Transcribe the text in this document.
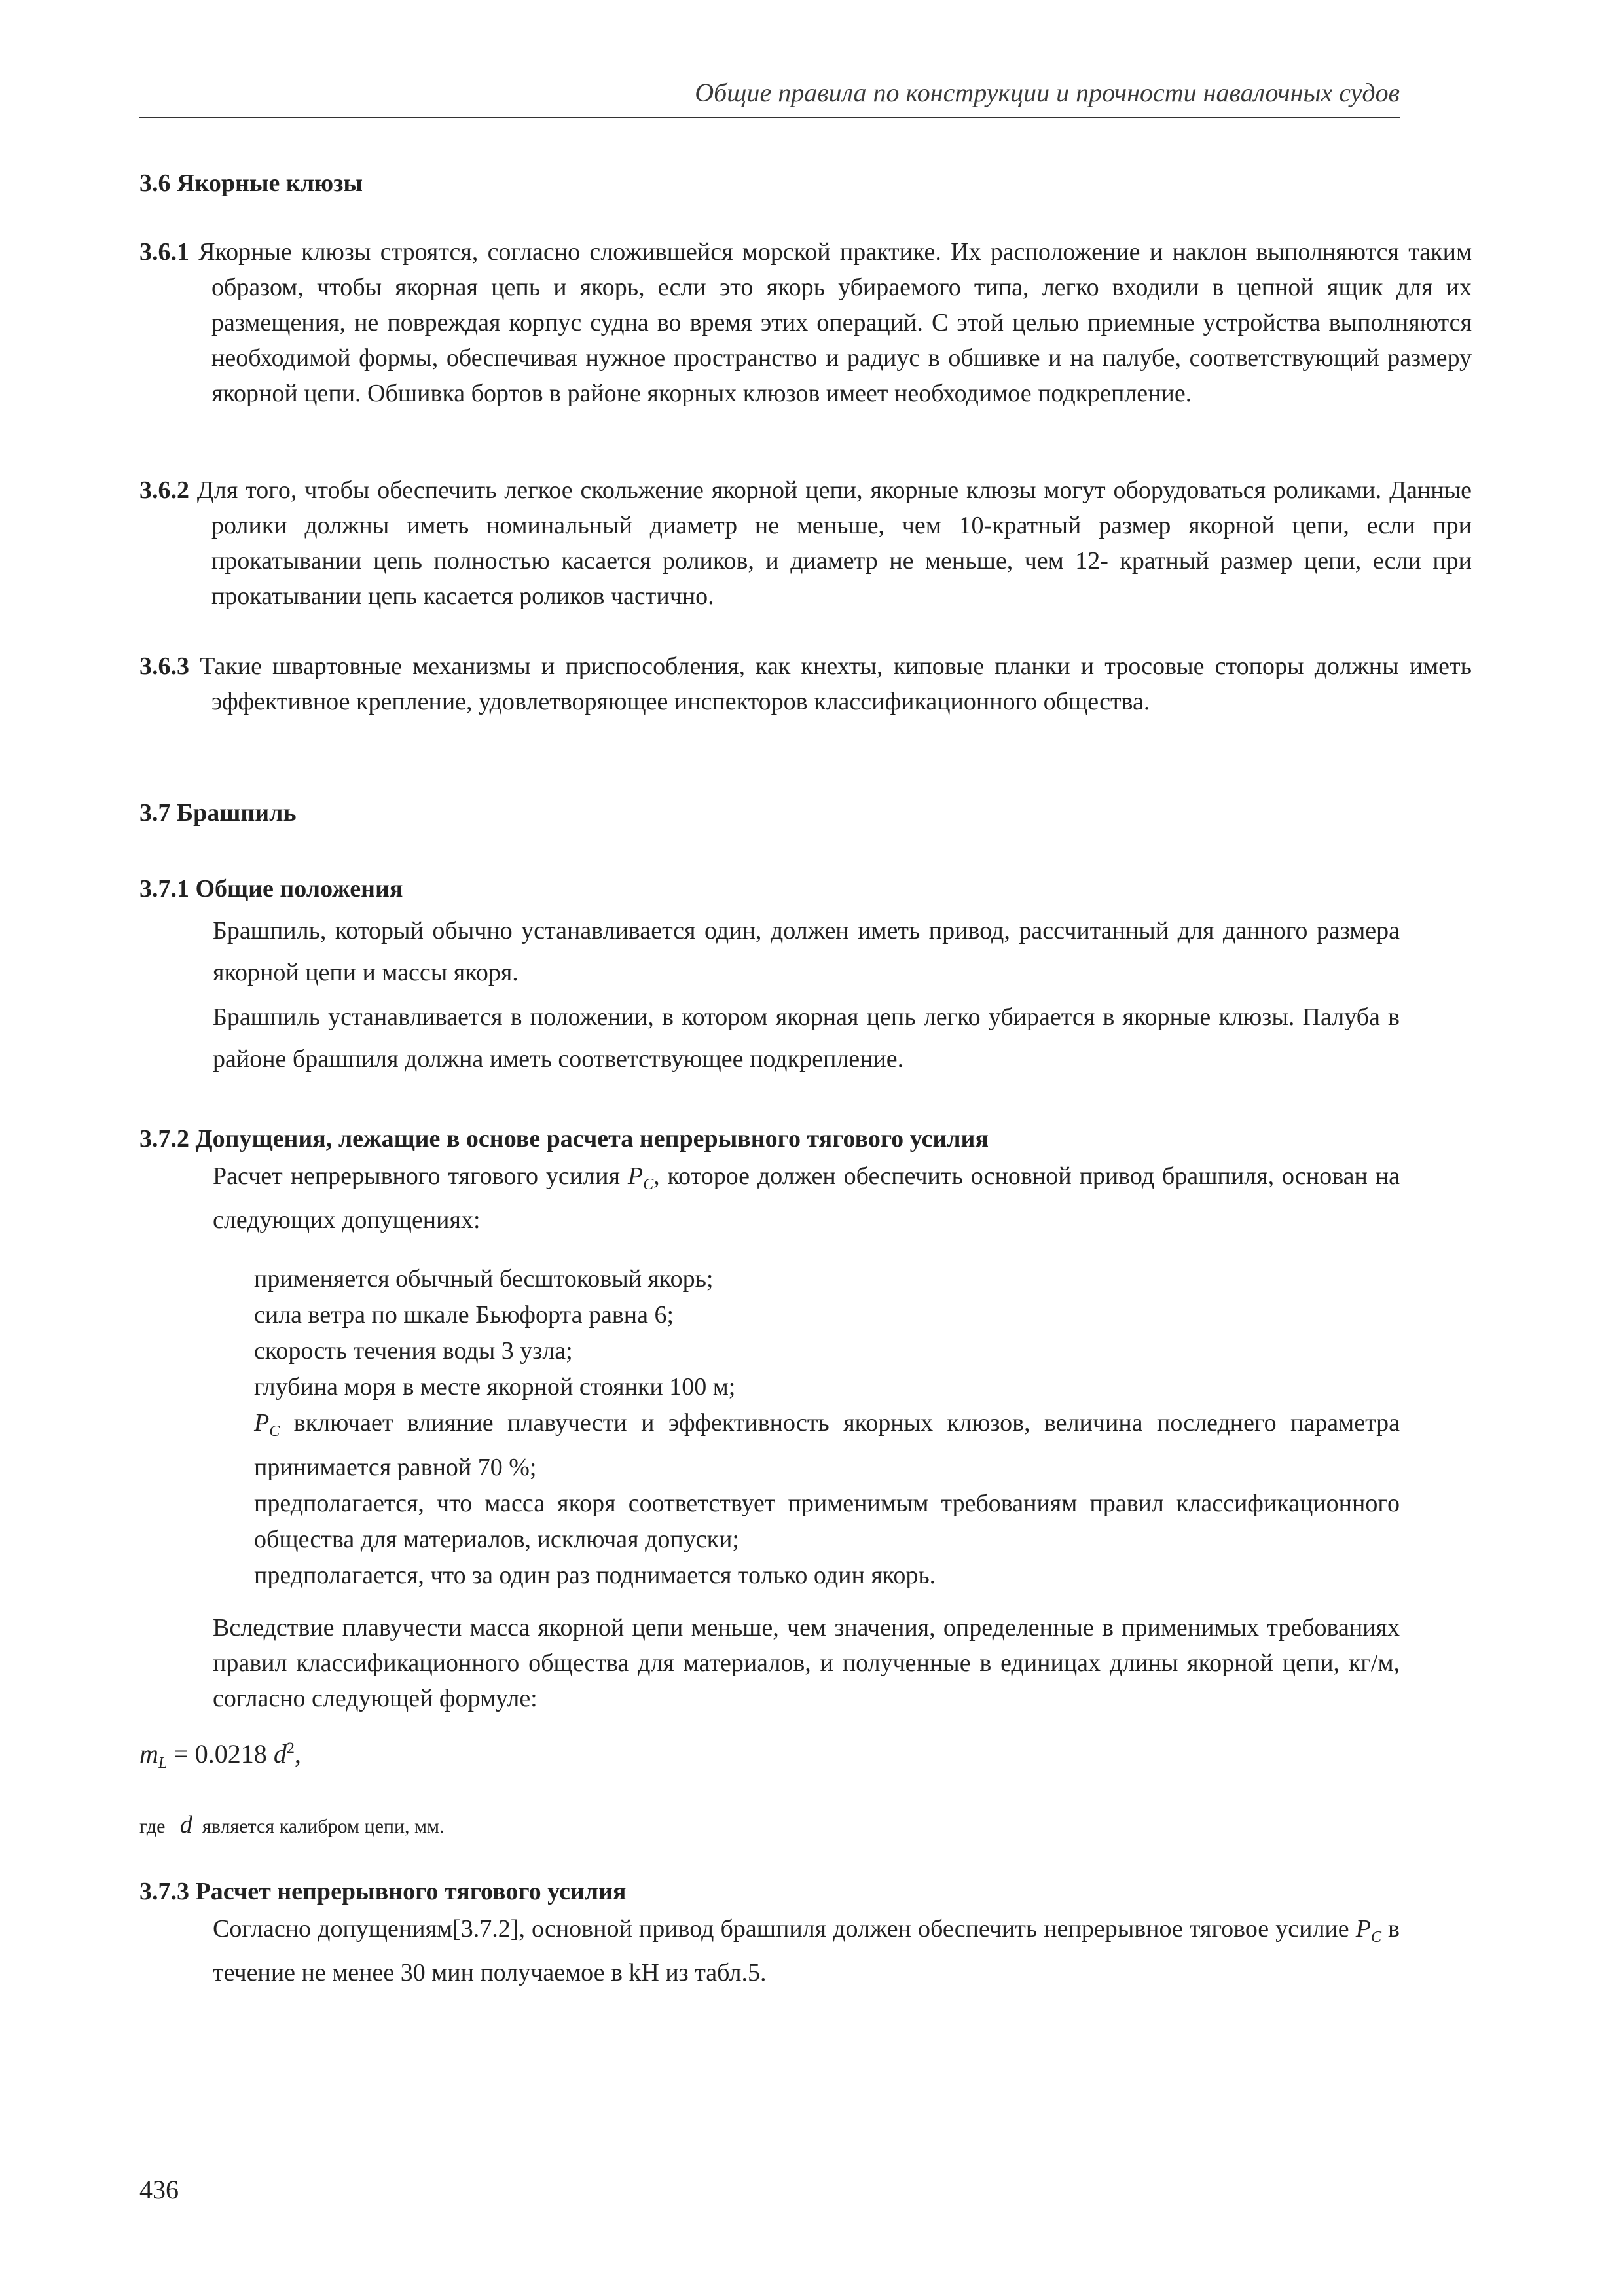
Общие правила по конструкции и прочности навалочных судов
3.6 Якорные клюзы
3.6.1 Якорные клюзы строятся, согласно сложившейся морской практике. Их расположение и наклон выполняются таким образом, чтобы якорная цепь и якорь, если это якорь убираемого типа, легко входили в цепной ящик для их размещения, не повреждая корпус судна во время этих операций. С этой целью приемные устройства выполняются необходимой формы, обеспечивая нужное пространство и радиус в обшивке и на палубе, соответствующий размеру якорной цепи. Обшивка бортов в районе якорных клюзов имеет необходимое подкрепление.
3.6.2 Для того, чтобы обеспечить легкое скольжение якорной цепи, якорные клюзы могут оборудоваться роликами. Данные ролики должны иметь номинальный диаметр не меньше, чем 10-кратный размер якорной цепи, если при прокатывании цепь полностью касается роликов, и диаметр не меньше, чем 12- кратный размер цепи, если при прокатывании цепь касается роликов частично.
3.6.3 Такие швартовные механизмы и приспособления, как кнехты, киповые планки и тросовые стопоры должны иметь эффективное крепление, удовлетворяющее инспекторов классификационного общества.
3.7 Брашпиль
3.7.1 Общие положения

Брашпиль, который обычно устанавливается один, должен иметь привод, рассчитанный для данного размера якорной цепи и массы якоря.

Брашпиль устанавливается в положении, в котором якорная цепь легко убирается в якорные клюзы. Палуба в районе брашпиля должна иметь соответствующее подкрепление.

3.7.2 Допущения, лежащие в основе расчета непрерывного тягового усилия
Расчет непрерывного тягового усилия $P_C$, которое должен обеспечить основной привод брашпиля, основан на следующих допущениях:
применяется обычный бесштоковый якорь;
сила ветра по шкале Бьюфорта равна 6;
скорость течения воды 3 узла;
глубина моря в месте якорной стоянки 100 м;
$P_C$ включает влияние плавучести и эффективность якорных клюзов, величина последнего параметра принимается равной 70 %;
предполагается, что масса якоря соответствует применимым требованиям правил классификационного общества для материалов, исключая допуски;
предполагается, что за один раз поднимается только один якорь.
Вследствие плавучести масса якорной цепи меньше, чем значения, определенные в применимых требованиях правил классификационного общества для материалов, и полученные в единицах длины якорной цепи, кг/м, согласно следующей формуле:
$m_L = 0.0218$ $d^2$,
где d является калибром цепи, мм.
3.7.3 Расчет непрерывного тягового усилия
Согласно допущениям[3.7.2], основной привод брашпиля должен обеспечить непрерывное тяговое усилие $P_C$ в течение не менее 30 мин получаемое в kH из табл.5.
436
